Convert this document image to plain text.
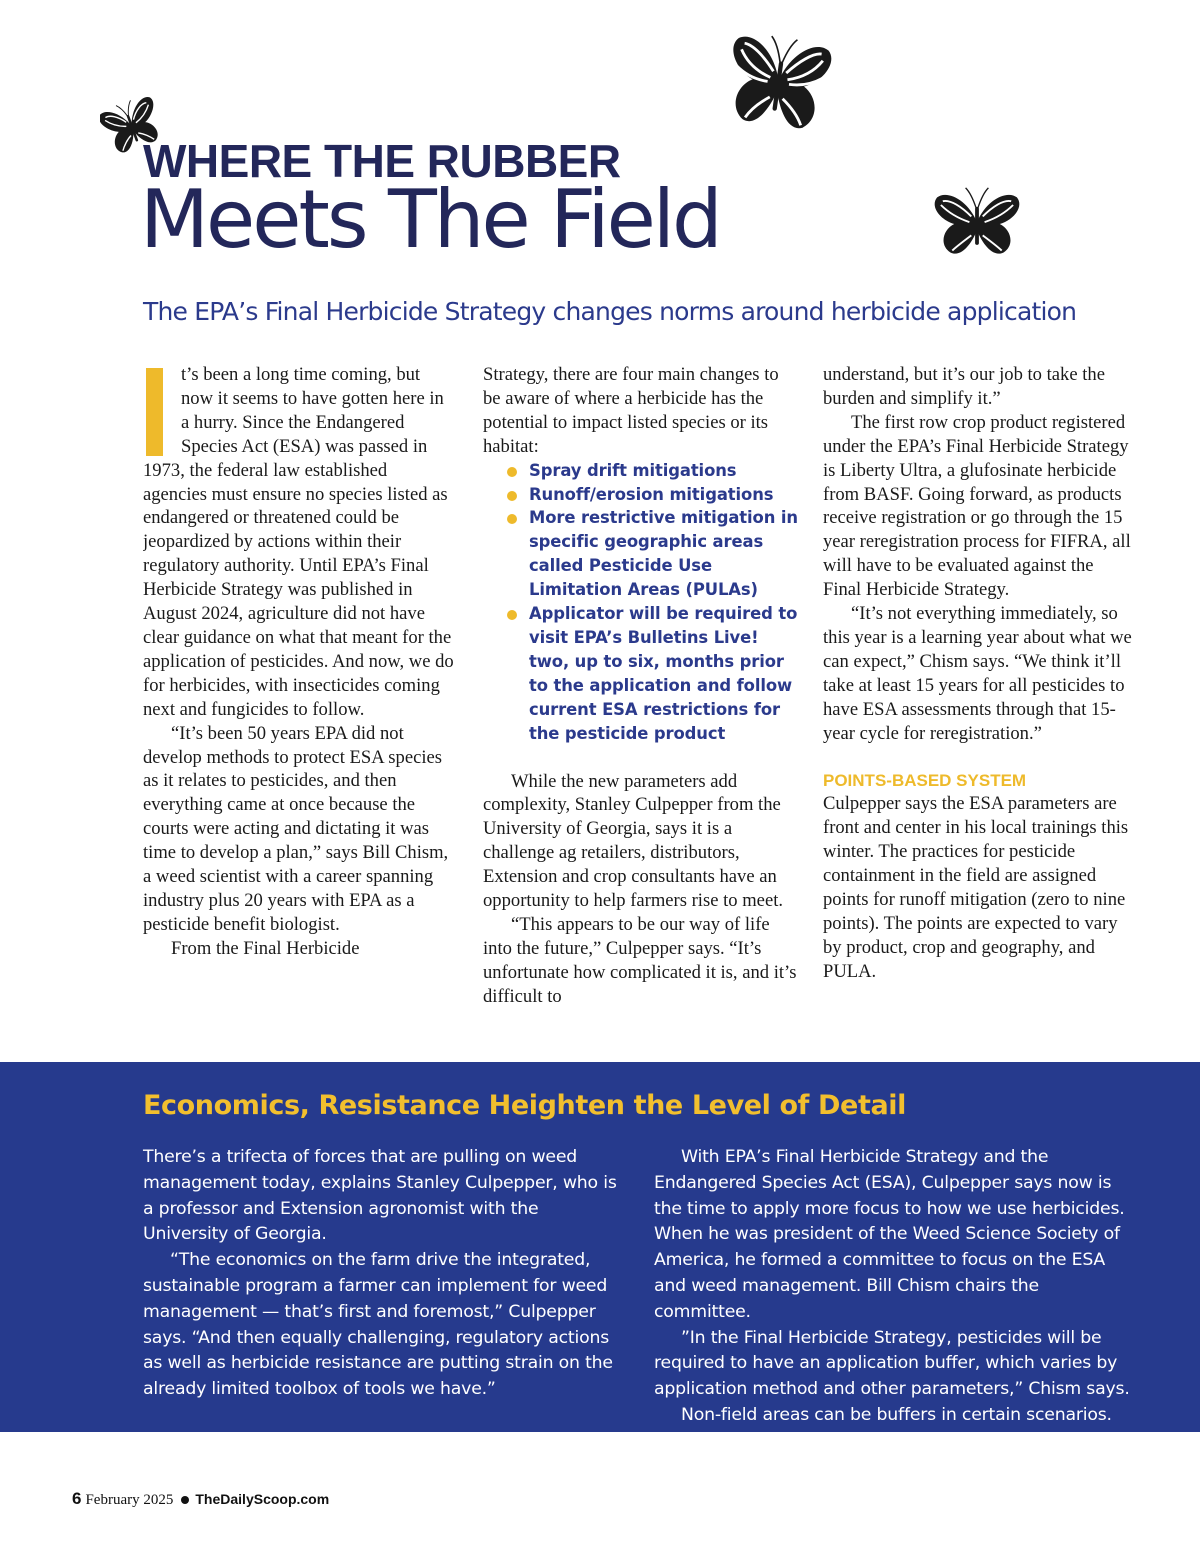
WHERE THE RUBBER
Meets The Field

The EPA’s Final Herbicide Strategy changes norms around herbicide application

t’s been a long time coming, but now it seems to have gotten here in a hurry. Since the Endangered Species Act (ESA) was passed in 1973, the federal law established agencies must ensure no species listed as endangered or threatened could be jeopardized by actions within their regulatory authority. Until EPA’s Final Herbicide Strategy was published in August 2024, agriculture did not have clear guidance on what that meant for the application of pesticides. And now, we do for herbicides, with insecticides coming next and fungicides to follow.

“It’s been 50 years EPA did not develop methods to protect ESA species as it relates to pesticides, and then everything came at once because the courts were acting and dictating it was time to develop a plan,” says Bill Chism, a weed scientist with a career spanning industry plus 20 years with EPA as a pesticide benefit biologist.

From the Final Herbicide

Strategy, there are four main changes to be aware of where a herbicide has the potential to impact listed species or its habitat:

Spray drift mitigations
Runoff/erosion mitigations
More restrictive mitigation in specific geographic areas called Pesticide Use Limitation Areas (PULAs)
Applicator will be required to visit EPA’s Bulletins Live! two, up to six, months prior to the application and follow current ESA restrictions for the pesticide product

While the new parameters add complexity, Stanley Culpepper from the University of Georgia, says it is a challenge ag retailers, distributors, Extension and crop consultants have an opportunity to help farmers rise to meet.

“This appears to be our way of life into the future,” Culpepper says. “It’s unfortunate how complicated it is, and it’s difficult to

understand, but it’s our job to take the burden and simplify it.”

The first row crop product registered under the EPA’s Final Herbicide Strategy is Liberty Ultra, a glufosinate herbicide from BASF. Going forward, as products receive registration or go through the 15 year reregistration process for FIFRA, all will have to be evaluated against the Final Herbicide Strategy.

“It’s not everything immediately, so this year is a learning year about what we can expect,” Chism says. “We think it’ll take at least 15 years for all pesticides to have ESA assessments through that 15-year cycle for reregistration.”

POINTS-BASED SYSTEM

Culpepper says the ESA parameters are front and center in his local trainings this winter. The practices for pesticide containment in the field are assigned points for runoff mitigation (zero to nine points). The points are expected to vary by product, crop and geography, and PULA.

Economics, Resistance Heighten the Level of Detail

There’s a trifecta of forces that are pulling on weed management today, explains Stanley Culpepper, who is a professor and Extension agronomist with the University of Georgia.

“The economics on the farm drive the integrated, sustainable program a farmer can implement for weed management — that’s first and foremost,” Culpepper says. “And then equally challenging, regulatory actions as well as herbicide resistance are putting strain on the already limited toolbox of tools we have.”

With EPA’s Final Herbicide Strategy and the Endangered Species Act (ESA), Culpepper says now is the time to apply more focus to how we use herbicides. When he was president of the Weed Science Society of America, he formed a committee to focus on the ESA and weed management. Bill Chism chairs the committee.

”In the Final Herbicide Strategy, pesticides will be required to have an application buffer, which varies by application method and other parameters,” Chism says.

Non-field areas can be buffers in certain scenarios.

6 February 2025 TheDailyScoop.com
